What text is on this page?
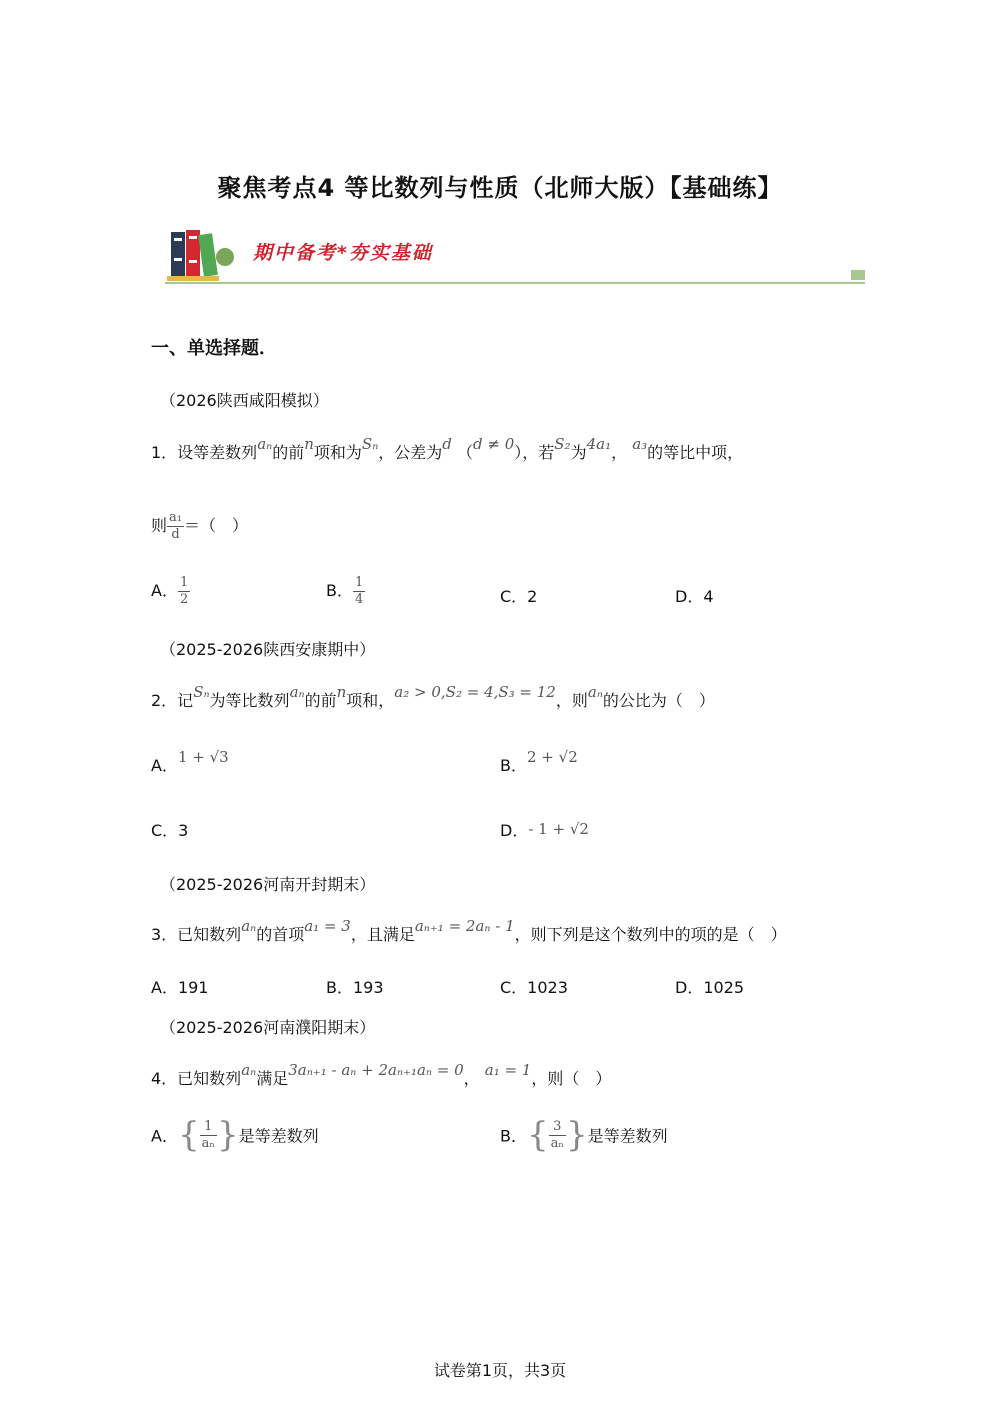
聚焦考点4 等比数列与性质（北师大版）【基础练】
期中备考*夯实基础
一、单选择题．
（2026陕西咸阳模拟）
1．设等差数列aₙ的前n项和为Sₙ，公差为d （d ≠ 0），若S₂为4a₁， a₃的等比中项，
则 $\frac{\text{a₁}}{d}$ ＝（　）
A． $\frac{1}{2}$	B． $\frac{1}{4}$	C．2	D．4
（2025-2026陕西安康期中）
2．记Sₙ为等比数列aₙ的前n项和，a₂ > 0,S₂ = 4,S₃ = 12，则aₙ的公比为（　）
A．1 + √3	B．2 + √2
C．3	D．- 1 + √2
（2025-2026河南开封期末）
3．已知数列aₙ的首项a₁ = 3，且满足aₙ₊₁ = 2aₙ - 1，则下列是这个数列中的项的是（　）
A．191	B．193	C．1023	D．1025
（2025-2026河南濮阳期末）
4．已知数列aₙ满足3aₙ₊₁ - aₙ + 2aₙ₊₁aₙ = 0， a₁ = 1，则（　）
A．{ $\frac{1}{\text{aₙ}}$ }是等差数列	B．{ $\frac{3}{\text{aₙ}}$ }是等差数列
试卷第1页，共3页
